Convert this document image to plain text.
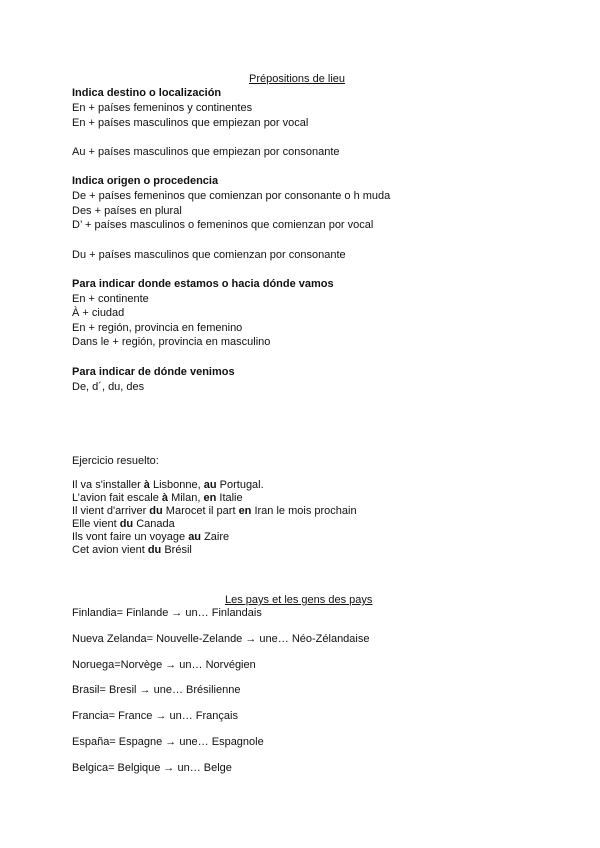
Prépositions de lieu
Indica destino o localización
En + países femeninos y continentes
En + países masculinos que empiezan por vocal
Au + países masculinos que empiezan por consonante
Indica origen o procedencia
De + países femeninos que comienzan por consonante o h muda
Des + países en plural
D’ + países masculinos o femeninos que comienzan por vocal
Du + países masculinos que comienzan por consonante
Para indicar donde estamos o hacia dónde vamos
En + continente
À + ciudad
En + región, provincia en femenino
Dans le + región, provincia en masculino
Para indicar de dónde venimos
De, d´, du, des
Ejercicio resuelto:
Il va s'installer à Lisbonne, au Portugal.
L’avion fait escale à Milan, en Italie
Il vient d'arriver du Marocet il part en Iran le mois prochain
Elle vient du Canada
Ils vont faire un voyage au Zaire
Cet avion vient du Brésil
Les pays et les gens des pays
Finlandia= Finlande → un… Finlandais
Nueva Zelanda= Nouvelle-Zelande → une… Néo-Zélandaise
Noruega=Norvège → un… Norvégien
Brasil= Bresil → une… Brésilienne
Francia= France → un… Français
España= Espagne → une… Espagnole
Belgica= Belgique → un… Belge
